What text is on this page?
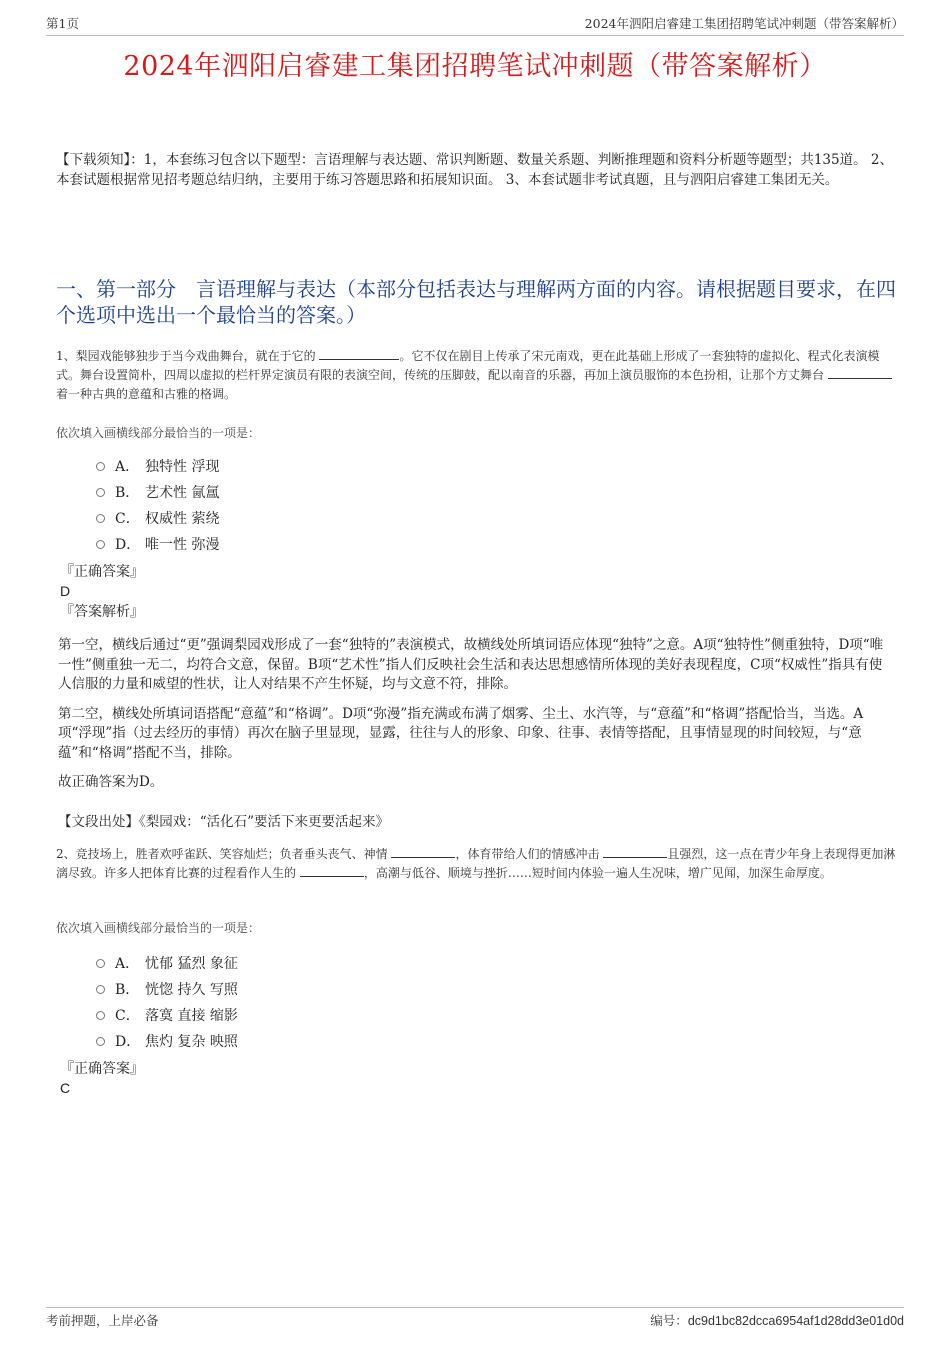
第1页	2024年泗阳启睿建工集团招聘笔试冲刺题（带答案解析）
2024年泗阳启睿建工集团招聘笔试冲刺题（带答案解析）
【下载须知】：1，本套练习包含以下题型：言语理解与表达题、常识判断题、数量关系题、判断推理题和资料分析题等题型；共135道。 2、本套试题根据常见招考题总结归纳，主要用于练习答题思路和拓展知识面。 3、本套试题非考试真题，且与泗阳启睿建工集团无关。
一、第一部分　言语理解与表达（本部分包括表达与理解两方面的内容。请根据题目要求，在四个选项中选出一个最恰当的答案。）
1、梨园戏能够独步于当今戏曲舞台，就在于它的	。它不仅在剧目上传承了宋元南戏，更在此基础上形成了一套独特的虚拟化、程式化表演模式。舞台设置简朴，四周以虚拟的栏杆界定演员有限的表演空间，传统的压脚鼓，配以南音的乐器，再加上演员服饰的本色扮相，让那个方丈舞台 着一种古典的意蕴和古雅的格调。
依次填入画横线部分最恰当的一项是：
A． 独特性 浮现
B． 艺术性 氤氲
C． 权威性 萦绕
D． 唯一性 弥漫
『正确答案』
D
『答案解析』

第一空，横线后通过“更”强调梨园戏形成了一套“独特的”表演模式，故横线处所填词语应体现“独特”之意。A项“独特性”侧重独特，D项“唯一性”侧重独一无二，均符合文意，保留。B项“艺术性”指人们反映社会生活和表达思想感情所体现的美好表现程度，C项“权威性”指具有使人信服的力量和威望的性状，让人对结果不产生怀疑，均与文意不符，排除。

第二空，横线处所填词语搭配“意蕴”和“格调”。D项“弥漫”指充满或布满了烟雾、尘土、水汽等，与“意蕴”和“格调”搭配恰当，当选。A项“浮现”指（过去经历的事情）再次在脑子里显现，显露，往往与人的形象、印象、往事、表情等搭配，且事情显现的时间较短，与“意蕴”和“格调”搭配不当，排除。

故正确答案为D。

【文段出处】《梨园戏：“活化石”要活下来更要活起来》
2、竞技场上，胜者欢呼雀跃、笑容灿烂；负者垂头丧气、神情	，体育带给人们的情感冲击	且强烈，这一点在青少年身上表现得更加淋漓尽致。许多人把体育比赛的过程看作人生的	，高潮与低谷、顺境与挫折……短时间内体验一遍人生况味，增广见闻，加深生命厚度。
依次填入画横线部分最恰当的一项是：
A． 忧郁 猛烈 象征
B． 恍惚 持久 写照
C． 落寞 直接 缩影
D． 焦灼 复杂 映照
『正确答案』
C
考前押题，上岸必备	编号：dc9d1bc82dcca6954af1d28dd3e01d0d
